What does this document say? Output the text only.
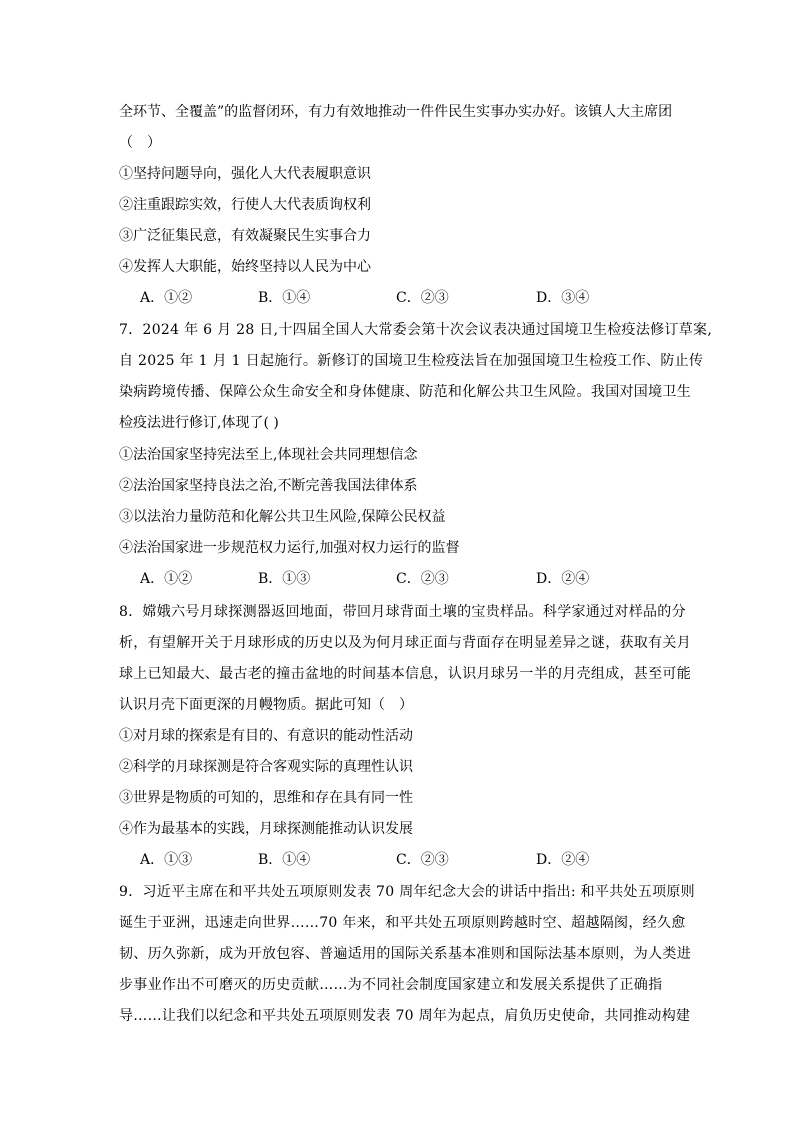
全环节、全覆盖”的监督闭环，有力有效地推动一件件民生实事办实办好。该镇人大主席团
（　）
①坚持问题导向，强化人大代表履职意识
②注重跟踪实效，行使人大代表质询权利
③广泛征集民意，有效凝聚民生实事合力
④发挥人大职能，始终坚持以人民为中心
A．①②	B．①④	C．②③	D．③④
7．2024 年 6 月 28 日,十四届全国人大常委会第十次会议表决通过国境卫生检疫法修订草案,
自 2025 年 1 月 1 日起施行。新修订的国境卫生检疫法旨在加强国境卫生检疫工作、防止传
染病跨境传播、保障公众生命安全和身体健康、防范和化解公共卫生风险。我国对国境卫生
检疫法进行修订,体现了( )
①法治国家坚持宪法至上,体现社会共同理想信念
②法治国家坚持良法之治,不断完善我国法律体系
③以法治力量防范和化解公共卫生风险,保障公民权益
④法治国家进一步规范权力运行,加强对权力运行的监督
A．①②	B．①③	C．②③	D．②④
8．嫦娥六号月球探测器返回地面，带回月球背面土壤的宝贵样品。科学家通过对样品的分
析，有望解开关于月球形成的历史以及为何月球正面与背面存在明显差异之谜，获取有关月
球上已知最大、最古老的撞击盆地的时间基本信息，认识月球另一半的月壳组成，甚至可能
认识月壳下面更深的月幔物质。据此可知（　）
①对月球的探索是有目的、有意识的能动性活动
②科学的月球探测是符合客观实际的真理性认识
③世界是物质的可知的，思维和存在具有同一性
④作为最基本的实践，月球探测能推动认识发展
A．①③	B．①④	C．②③	D．②④
9．习近平主席在和平共处五项原则发表 70 周年纪念大会的讲话中指出: 和平共处五项原则
诞生于亚洲，迅速走向世界……70 年来，和平共处五项原则跨越时空、超越隔阂，经久愈
韧、历久弥新，成为开放包容、普遍适用的国际关系基本准则和国际法基本原则，为人类进
步事业作出不可磨灭的历史贡献……为不同社会制度国家建立和发展关系提供了正确指
导……让我们以纪念和平共处五项原则发表 70 周年为起点，肩负历史使命，共同推动构建
